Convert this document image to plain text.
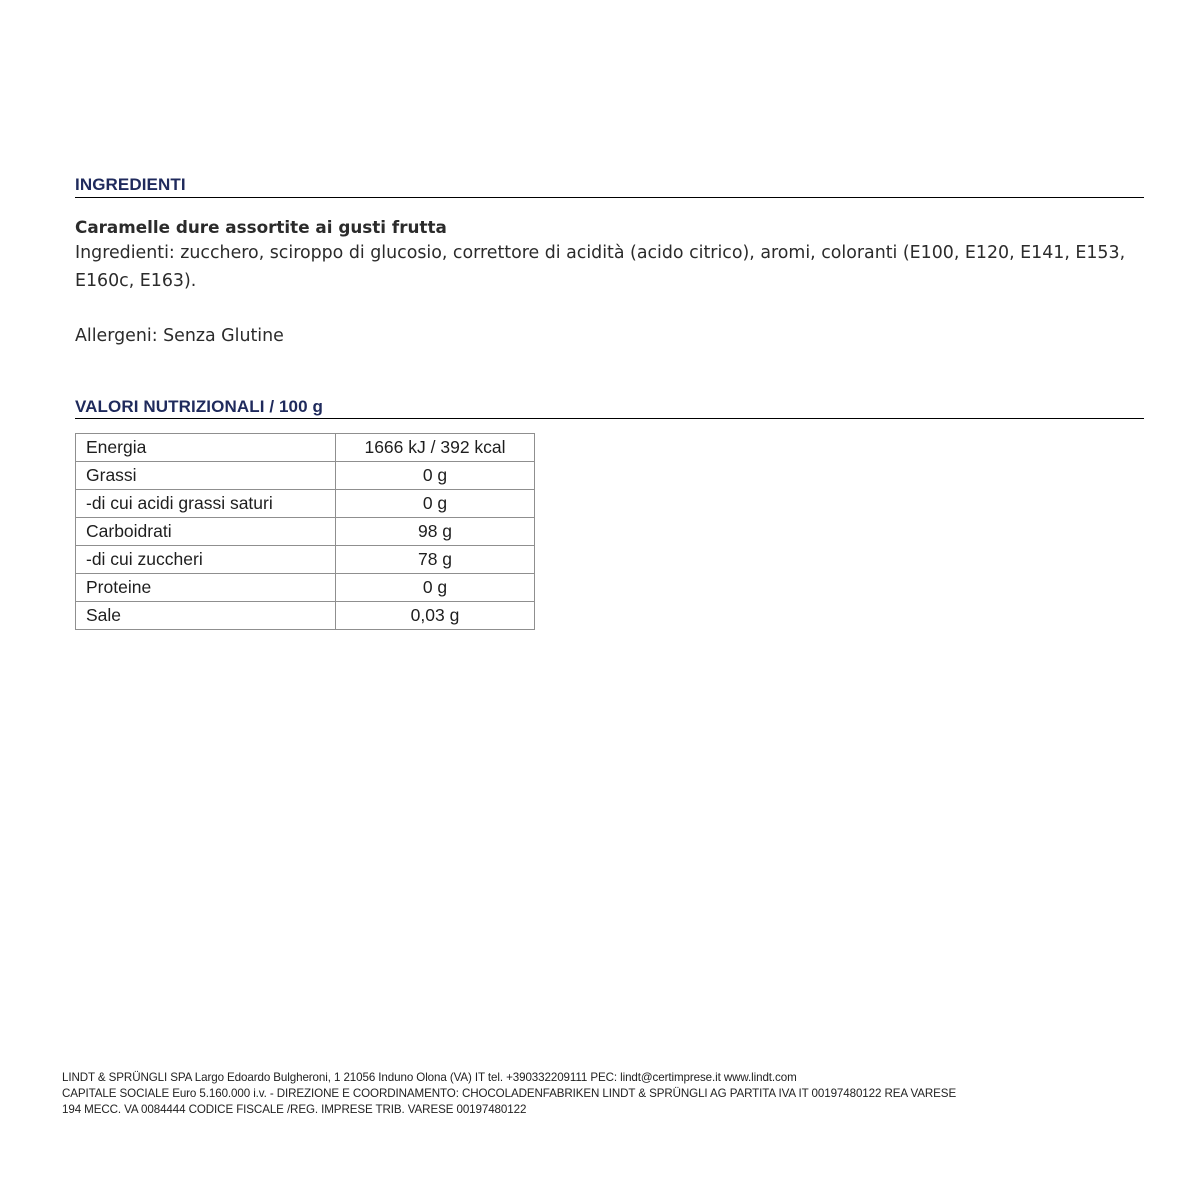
INGREDIENTI
Caramelle dure assortite ai gusti frutta
Ingredienti: zucchero, sciroppo di glucosio, correttore di acidità (acido citrico), aromi, coloranti (E100, E120, E141, E153, E160c, E163).
Allergeni: Senza Glutine
VALORI NUTRIZIONALI / 100 g
Energia	1666 kJ / 392 kcal
Grassi	0 g
-di cui acidi grassi saturi	0 g
Carboidrati	98 g
-di cui zuccheri	78 g
Proteine	0 g
Sale	0,03 g
LINDT & SPRÜNGLI SPA Largo Edoardo Bulgheroni, 1 21056 Induno Olona (VA) IT tel. +390332209111 PEC: lindt@certimprese.it www.lindt.com
CAPITALE SOCIALE Euro 5.160.000 i.v. - DIREZIONE E COORDINAMENTO: CHOCOLADENFABRIKEN LINDT & SPRÜNGLI AG PARTITA IVA IT 00197480122 REA VARESE
194 MECC. VA 0084444 CODICE FISCALE /REG. IMPRESE TRIB. VARESE 00197480122
